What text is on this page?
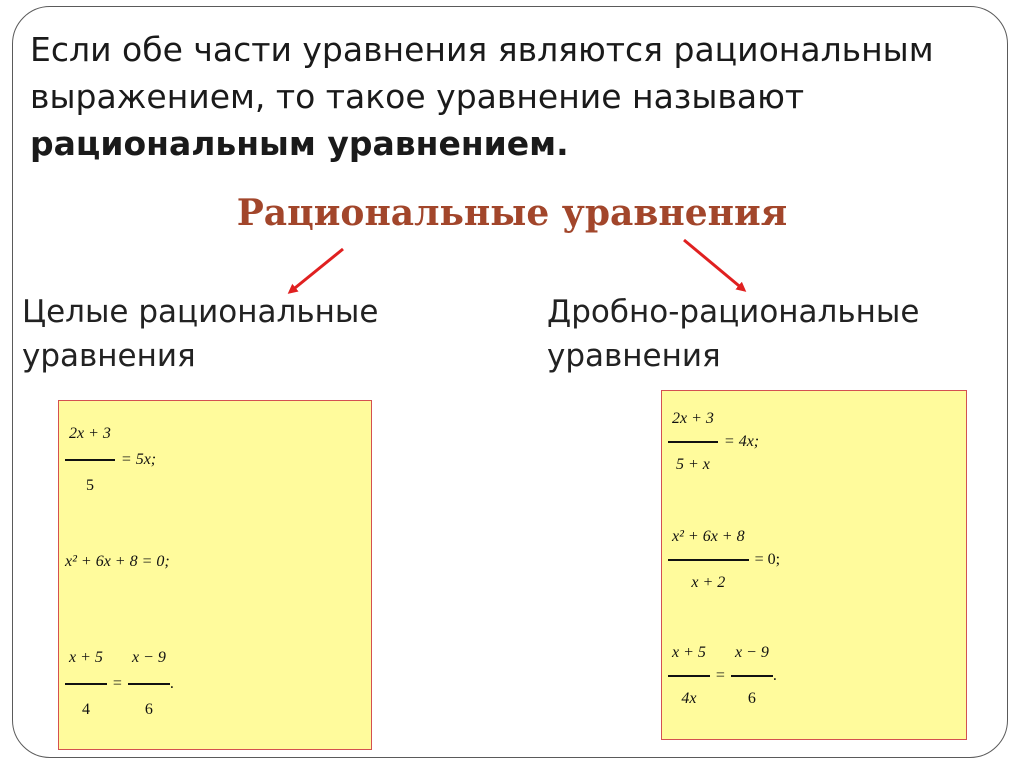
Если обе части уравнения являются рациональным
выражением, то такое уравнение называют
рациональным уравнением.
Рациональные уравнения
Целые рациональные
уравнения
Дробно-рациональные
уравнения
$\frac{2x + 3}{5} = 5x$;
x² + 6x + 8 = 0;
$\frac{x + 5}{4} = \frac{x - 9}{6}$ .
$\frac{2x + 3}{5 + x} = 4x$;
$\frac{\text{x² + 6x + 8}}{x + 2} = 0$;
$\frac{x + 5}{4x} = \frac{x - 9}{6}$ .
